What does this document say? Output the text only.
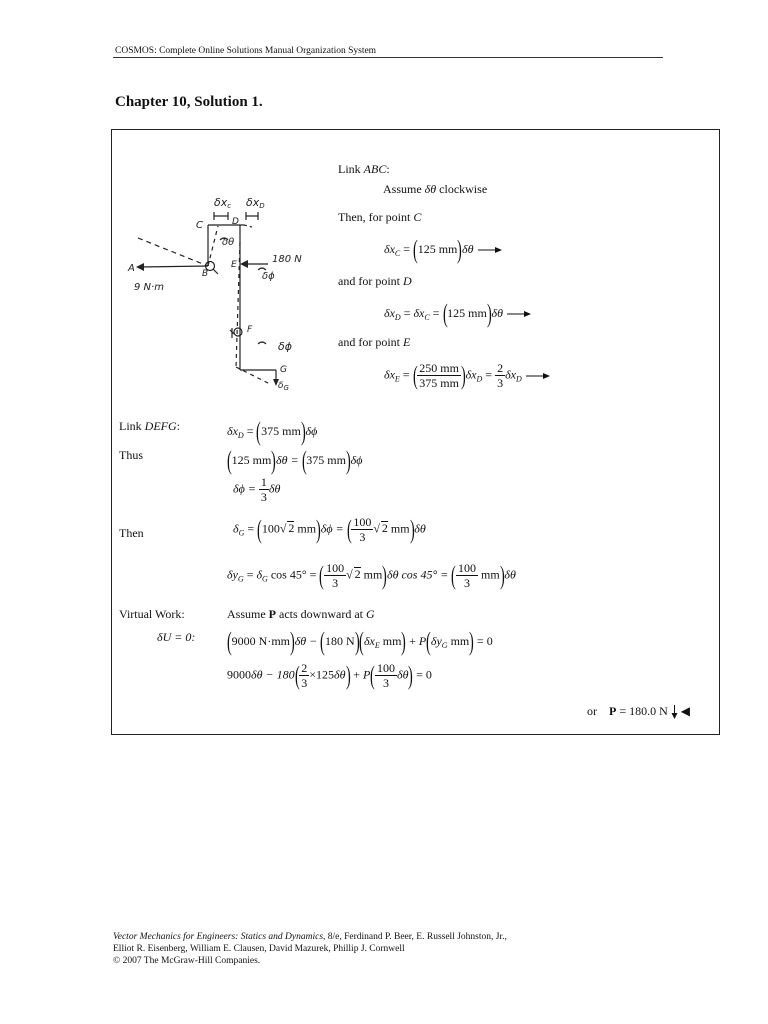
COSMOS: Complete Online Solutions Manual Organization System
Chapter 10, Solution 1.
δxc δxD
C	D
δθ
B
A
9 N·m
E	180 N
δϕ
F
δϕ
G
$\delta_G$
Link ABC:
Assume δθ clockwise
Then, for point C
$\delta x_C = (125$ mm)δθ
and for point D
$\delta x_D = \delta x_C = (125$ mm)δθ
and for point E
$\delta x_E$ = ( $\frac{250 mm}{375 mm} )\delta x_D = \frac{2}{3} \delta x_D$
Link DEFG:	$\delta x_D = (375$ mm)δϕ
Thus	(125 mm)δθ = (375 mm)δϕ
$\delta\phi = \frac{1}{3}$ δθ
Then	$\delta_G = (100√$ 2 mm)δϕ = ( $\frac{100}{3}$ √ 2 mm)δθ
$\delta y_G = \delta_G$ cos 45° = ( $\frac{100}{3}$ √ 2 mm)δθ cos 45° = ( $\frac{100}{3} mm)\delta\theta$
Virtual Work:	Assume P acts downward at G
δU = 0: (9000 N·mm)δθ − (180 $N)(\delta x_E$ $mm) + P(\delta y_G$ mm) = 0
$9000\delta\theta - 180( \frac{2}{3} \times 125\delta\theta) + P( \frac{100}{3} \delta\theta) = 0$
or P = 180.0 N ◀
Vector Mechanics for Engineers: Statics and Dynamics, 8/e, Ferdinand P. Beer, E. Russell Johnston, Jr.,
Elliot R. Eisenberg, William E. Clausen, David Mazurek, Phillip J. Cornwell
© 2007 The McGraw-Hill Companies.
